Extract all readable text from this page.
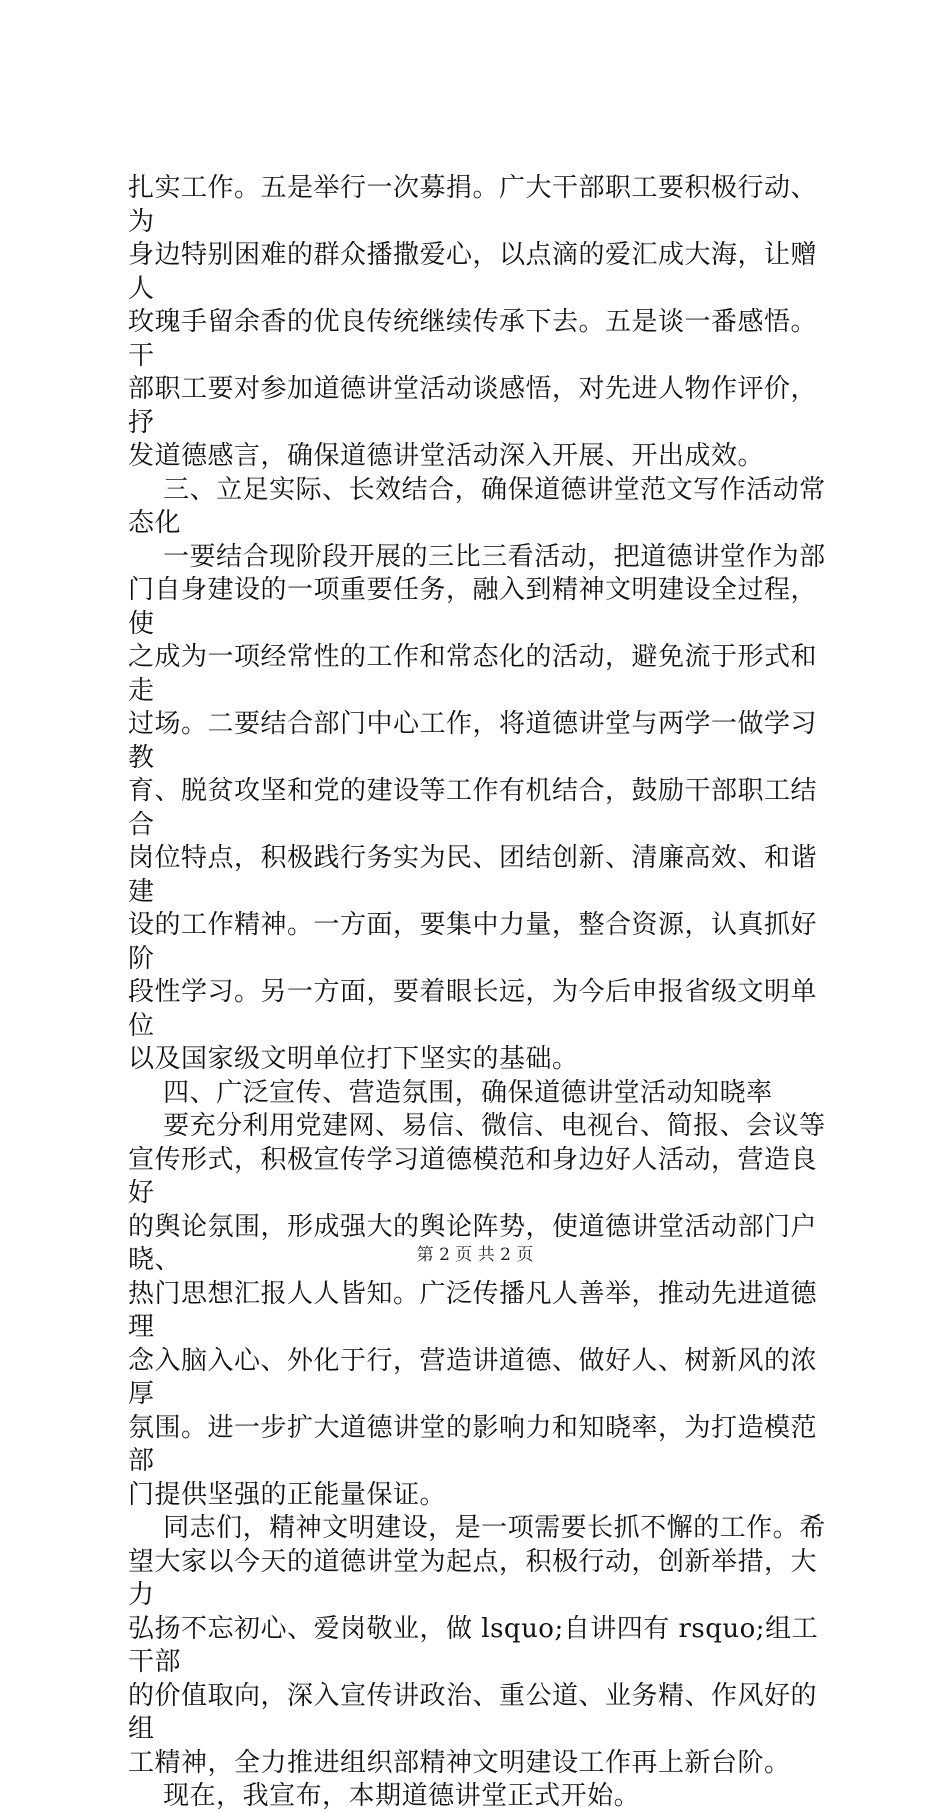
扎实工作。五是举行一次募捐。广大干部职工要积极行动、为
身边特别困难的群众播撒爱心，以点滴的爱汇成大海，让赠人
玫瑰手留余香的优良传统继续传承下去。五是谈一番感悟。干
部职工要对参加道德讲堂活动谈感悟，对先进人物作评价，抒
发道德感言，确保道德讲堂活动深入开展、开出成效。
三、立足实际、长效结合，确保道德讲堂范文写作活动常
态化
一要结合现阶段开展的三比三看活动，把道德讲堂作为部
门自身建设的一项重要任务，融入到精神文明建设全过程，使
之成为一项经常性的工作和常态化的活动，避免流于形式和走
过场。二要结合部门中心工作，将道德讲堂与两学一做学习教
育、脱贫攻坚和党的建设等工作有机结合，鼓励干部职工结合
岗位特点，积极践行务实为民、团结创新、清廉高效、和谐建
设的工作精神。一方面，要集中力量，整合资源，认真抓好阶
段性学习。另一方面，要着眼长远，为今后申报省级文明单位
以及国家级文明单位打下坚实的基础。
四、广泛宣传、营造氛围，确保道德讲堂活动知晓率
要充分利用党建网、易信、微信、电视台、简报、会议等
宣传形式，积极宣传学习道德模范和身边好人活动，营造良好
的舆论氛围，形成强大的舆论阵势，使道德讲堂活动部门户晓、
热门思想汇报人人皆知。广泛传播凡人善举，推动先进道德理
念入脑入心、外化于行，营造讲道德、做好人、树新风的浓厚
氛围。进一步扩大道德讲堂的影响力和知晓率，为打造模范部
门提供坚强的正能量保证。
同志们，精神文明建设，是一项需要长抓不懈的工作。希
望大家以今天的道德讲堂为起点，积极行动，创新举措，大力
弘扬不忘初心、爱岗敬业，做 lsquo;自讲四有 rsquo;组工干部
的价值取向，深入宣传讲政治、重公道、业务精、作风好的组
工精神，全力推进组织部精神文明建设工作再上新台阶。
现在，我宣布，本期道德讲堂正式开始。
第 2 页 共 2 页
